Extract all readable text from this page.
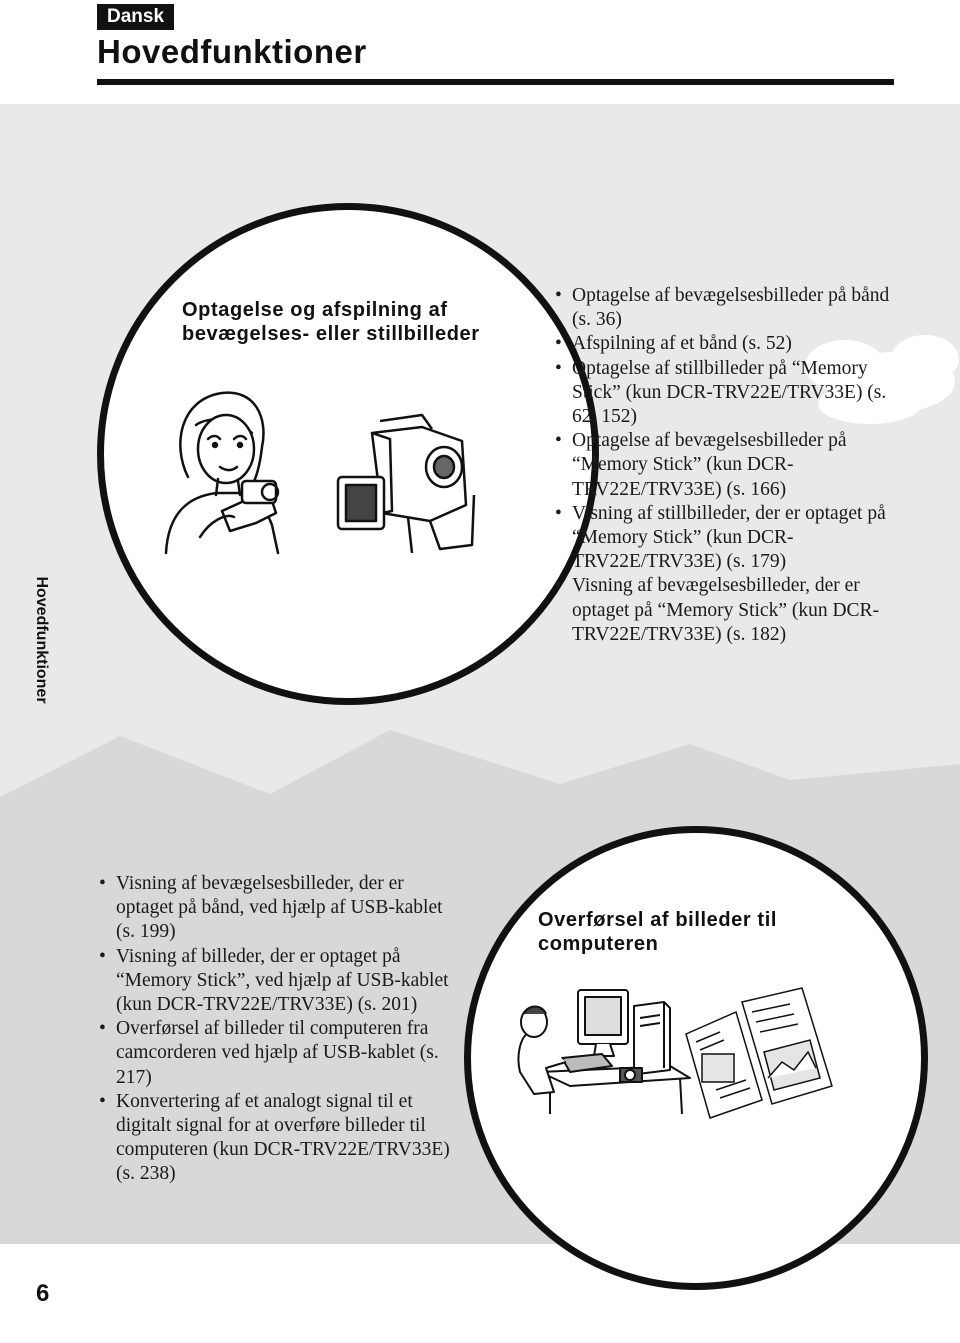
Dansk
Hovedfunktioner
Hovedfunktioner
Optagelse og afspilning af bevægelses- eller stillbilleder
• Optagelse af bevægelsesbilleder på bånd (s. 36)
• Afspilning af et bånd (s. 52)
• Optagelse af stillbilleder på “Memory Stick” (kun DCR-TRV22E/TRV33E) (s. 62, 152)
• Optagelse af bevægelsesbilleder på “Memory Stick” (kun DCR-TRV22E/TRV33E) (s. 166)
• Visning af stillbilleder, der er optaget på “Memory Stick” (kun DCR-TRV22E/TRV33E) (s. 179)
• Visning af bevægelsesbilleder, der er optaget på “Memory Stick” (kun DCR-TRV22E/TRV33E) (s. 182)
Overførsel af billeder til computeren
• Visning af bevægelsesbilleder, der er optaget på bånd, ved hjælp af USB-kablet (s. 199)
• Visning af billeder, der er optaget på “Memory Stick”, ved hjælp af USB-kablet (kun DCR-TRV22E/TRV33E) (s. 201)
• Overførsel af billeder til computeren fra camcorderen ved hjælp af USB-kablet (s. 217)
• Konvertering af et analogt signal til et digitalt signal for at overføre billeder til computeren (kun DCR-TRV22E/TRV33E) (s. 238)
6
